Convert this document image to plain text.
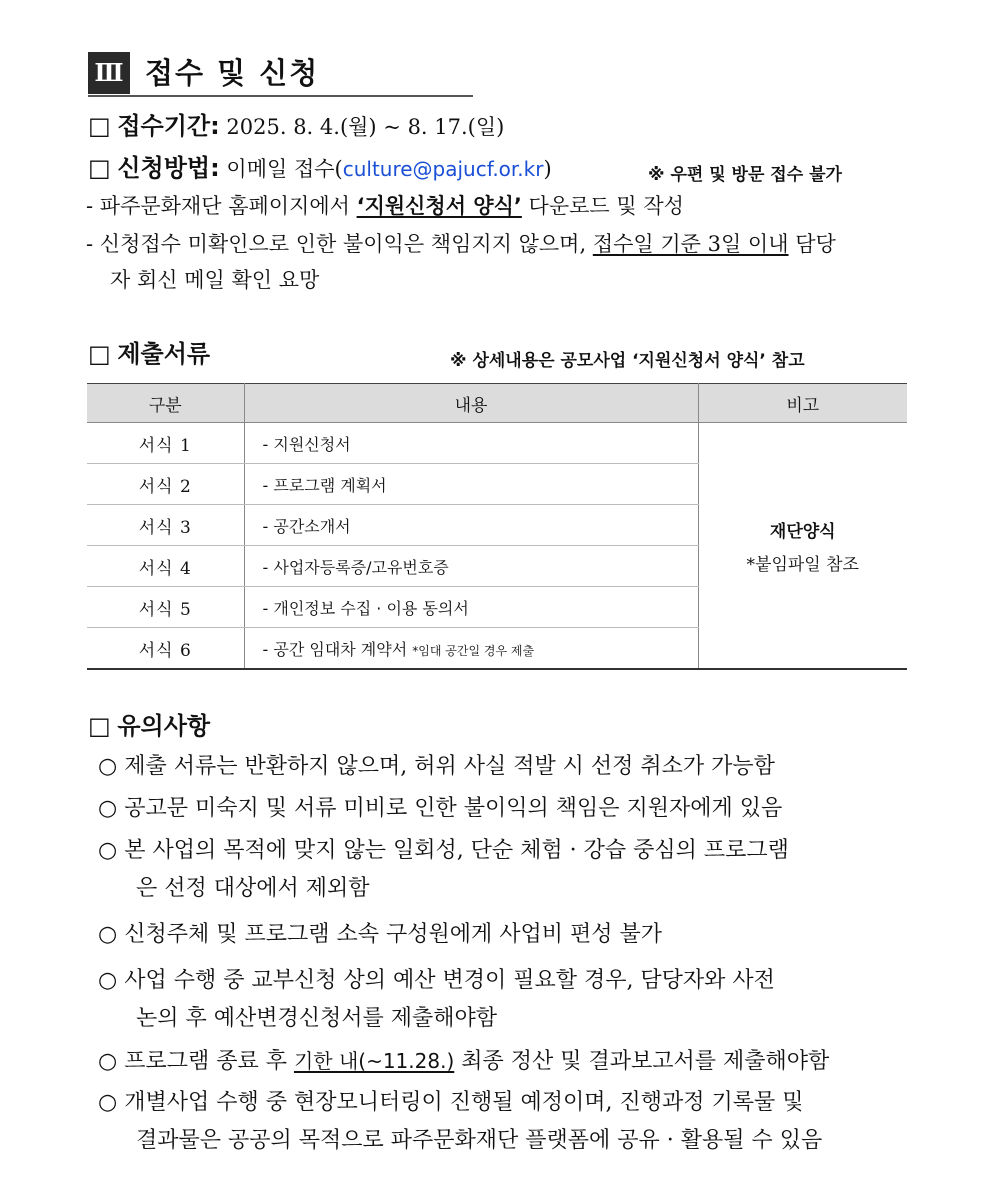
Ⅲ 접수 및 신청
□ 접수기간: 2025. 8. 4.(월) ~ 8. 17.(일)
□ 신청방법: 이메일 접수(culture@pajucf.or.kr)	※ 우편 및 방문 접수 불가
- 파주문화재단 홈페이지에서 ‘지원신청서 양식’ 다운로드 및 작성
- 신청접수 미확인으로 인한 불이익은 책임지지 않으며, 접수일 기준 3일 이내 담당
자 회신 메일 확인 요망
□ 제출서류	※ 상세내용은 공모사업 ‘지원신청서 양식’ 참고
구분	내용	비고
서식 1	- 지원신청서	재단양식
*붙임파일 참조

서식 2	- 프로그램 계획서	
서식 3	- 공간소개서	
서식 4	- 사업자등록증/고유번호증	
서식 5	- 개인정보 수집 · 이용 동의서	
서식 6	- 공간 임대차 계약서 *임대 공간일 경우 제출	
□ 유의사항
○ 제출 서류는 반환하지 않으며, 허위 사실 적발 시 선정 취소가 가능함
○ 공고문 미숙지 및 서류 미비로 인한 불이익의 책임은 지원자에게 있음
○ 본 사업의 목적에 맞지 않는 일회성, 단순 체험 · 강습 중심의 프로그램
은 선정 대상에서 제외함
○ 신청주체 및 프로그램 소속 구성원에게 사업비 편성 불가
○ 사업 수행 중 교부신청 상의 예산 변경이 필요할 경우, 담당자와 사전
논의 후 예산변경신청서를 제출해야함
○ 프로그램 종료 후 기한 내(~11.28.) 최종 정산 및 결과보고서를 제출해야함
○ 개별사업 수행 중 현장모니터링이 진행될 예정이며, 진행과정 기록물 및
결과물은 공공의 목적으로 파주문화재단 플랫폼에 공유 · 활용될 수 있음
